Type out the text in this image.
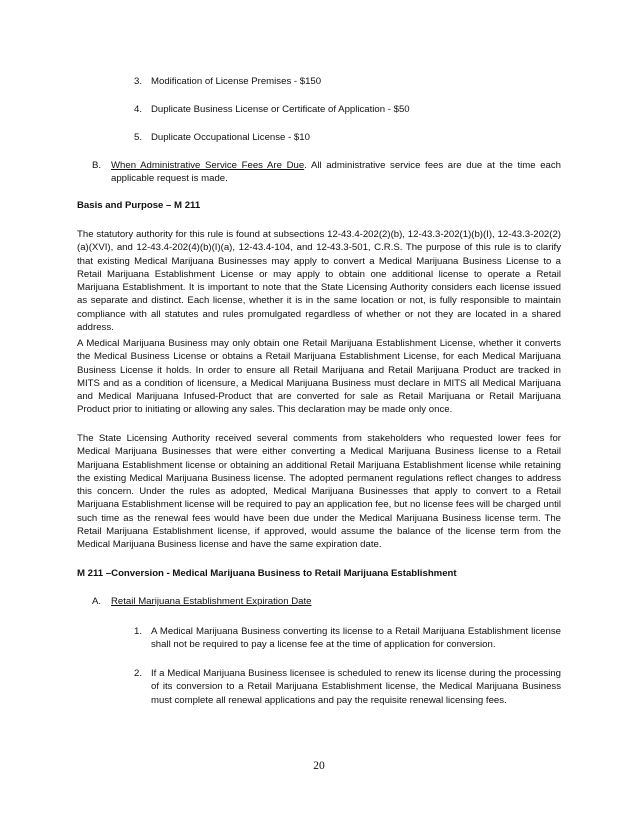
3. Modification of License Premises - $150
4. Duplicate Business License or Certificate of Application - $50
5. Duplicate Occupational License - $10
B. When Administrative Service Fees Are Due. All administrative service fees are due at the time each
applicable request is made.
Basis and Purpose – M 211
The statutory authority for this rule is found at subsections 12-43.4-202(2)(b), 12-43.3-202(1)(b)(I), 12-43.3-202(2)(a)(XVI), and 12-43.4-202(4)(b)(I)(a), 12-43.4-104, and 12-43.3-501, C.R.S. The purpose of this rule is to clarify that existing Medical Marijuana Businesses may apply to convert a Medical Marijuana Business License to a Retail Marijuana Establishment License or may apply to obtain one additional license to operate a Retail Marijuana Establishment. It is important to note that the State Licensing Authority considers each license issued as separate and distinct. Each license, whether it is in the same location or not, is fully responsible to maintain compliance with all statutes and rules promulgated regardless of whether or not they are located in a shared address.
A Medical Marijuana Business may only obtain one Retail Marijuana Establishment License, whether it converts the Medical Business License or obtains a Retail Marijuana Establishment License, for each Medical Marijuana Business License it holds. In order to ensure all Retail Marijuana and Retail Marijuana Product are tracked in MITS and as a condition of licensure, a Medical Marijuana Business must declare in MITS all Medical Marijuana and Medical Marijuana Infused-Product that are converted for sale as Retail Marijuana or Retail Marijuana Product prior to initiating or allowing any sales. This declaration may be made only once.
The State Licensing Authority received several comments from stakeholders who requested lower fees for Medical Marijuana Businesses that were either converting a Medical Marijuana Business license to a Retail Marijuana Establishment license or obtaining an additional Retail Marijuana Establishment license while retaining the existing Medical Marijuana Business license. The adopted permanent regulations reflect changes to address this concern. Under the rules as adopted, Medical Marijuana Businesses that apply to convert to a Retail Marijuana Establishment license will be required to pay an application fee, but no license fees will be charged until such time as the renewal fees would have been due under the Medical Marijuana Business license term. The Retail Marijuana Establishment license, if approved, would assume the balance of the license term from the Medical Marijuana Business license and have the same expiration date.
M 211 –Conversion - Medical Marijuana Business to Retail Marijuana Establishment
A. Retail Marijuana Establishment Expiration Date
1. A Medical Marijuana Business converting its license to a Retail Marijuana Establishment license shall not be required to pay a license fee at the time of application for conversion.
2. If a Medical Marijuana Business licensee is scheduled to renew its license during the processing of its conversion to a Retail Marijuana Establishment license, the Medical Marijuana Business must complete all renewal applications and pay the requisite renewal licensing fees.
20
